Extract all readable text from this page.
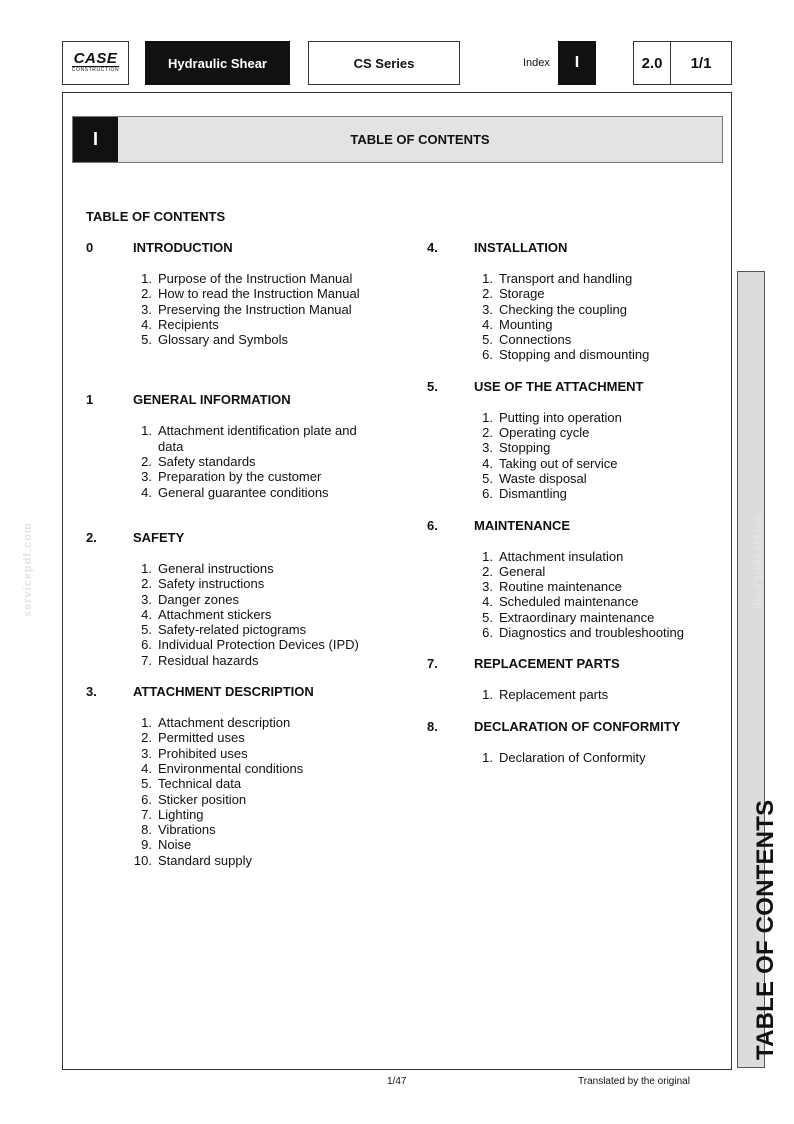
CASE
CONSTRUCTION	Hydraulic Shear	CS Series	Index	I	2.0	1/1
I	TABLE OF CONTENTS
TABLE OF CONTENTS
servicepdf.com	servicepdf.com
TABLE OF CONTENTS
0	INTRODUCTION
1. Purpose of the Instruction Manual
2. How to read the Instruction Manual
3. Preserving the Instruction Manual
4. Recipients
5. Glossary and Symbols
1	GENERAL INFORMATION
1. Attachment identification plate and data
2. Safety standards
3. Preparation by the customer
4. General guarantee conditions
2.	SAFETY
1. General instructions
2. Safety instructions
3. Danger zones
4. Attachment stickers
5. Safety-related pictograms
6. Individual Protection Devices (IPD)
7. Residual hazards
3.	ATTACHMENT DESCRIPTION
1. Attachment description
2. Permitted uses
3. Prohibited uses
4. Environmental conditions
5. Technical data
6. Sticker position
7. Lighting
8. Vibrations
9. Noise
10. Standard supply
4.	INSTALLATION
1. Transport and handling
2. Storage
3. Checking the coupling
4. Mounting
5. Connections
6. Stopping and dismounting
5.	USE OF THE ATTACHMENT
1. Putting into operation
2. Operating cycle
3. Stopping
4. Taking out of service
5. Waste disposal
6. Dismantling
6.	MAINTENANCE
1. Attachment insulation
2. General
3. Routine maintenance
4. Scheduled maintenance
5. Extraordinary maintenance
6. Diagnostics and troubleshooting
7.	REPLACEMENT PARTS
1. Replacement parts
8.	DECLARATION OF CONFORMITY
1. Declaration of Conformity
1/47	Translated by the original
